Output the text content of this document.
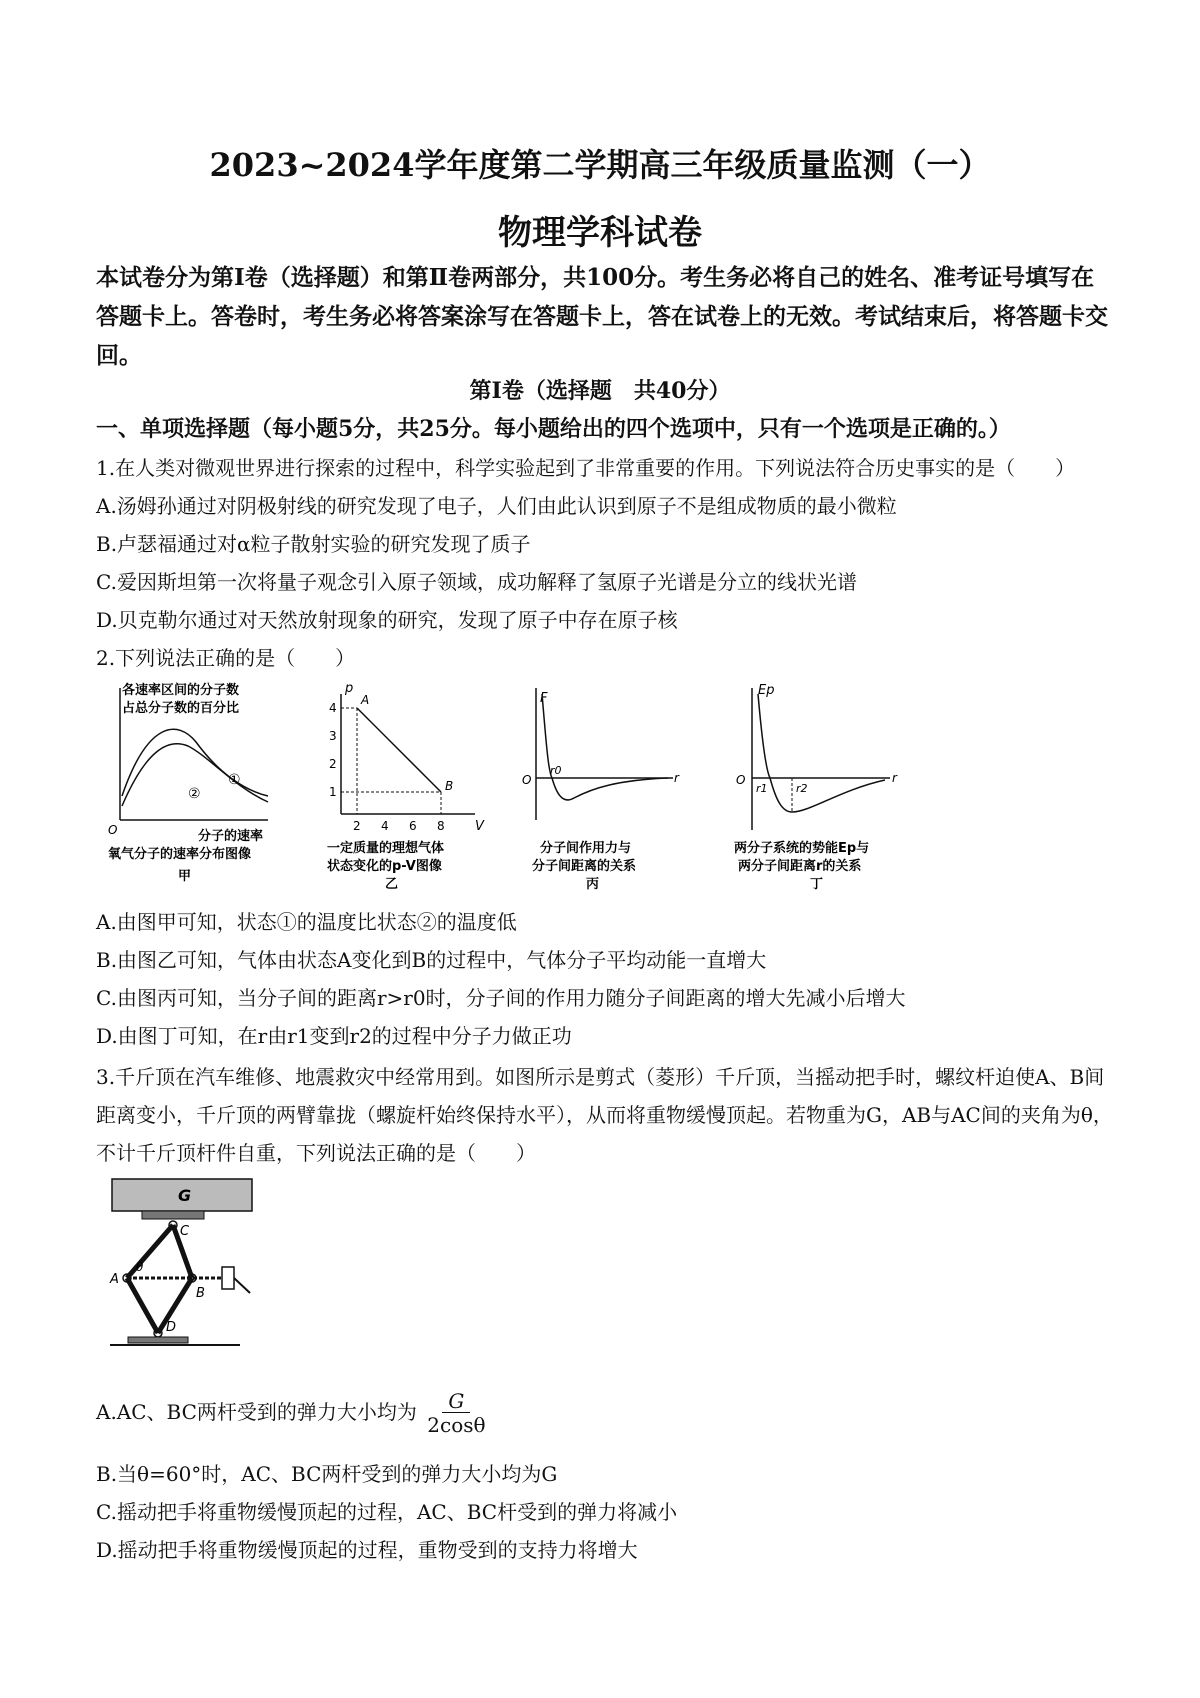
2023~2024学年度第二学期高三年级质量监测（一）
物理学科试卷
本试卷分为第Ⅰ卷（选择题）和第Ⅱ卷两部分，共100分。考生务必将自己的姓名、准考证号填写在答题卡上。答卷时，考生务必将答案涂写在答题卡上，答在试卷上的无效。考试结束后，将答题卡交回。
第Ⅰ卷（选择题　共40分）
一、单项选择题（每小题5分，共25分。每小题给出的四个选项中，只有一个选项是正确的。）
1.在人类对微观世界进行探索的过程中，科学实验起到了非常重要的作用。下列说法符合历史事实的是（　　）
A.汤姆孙通过对阴极射线的研究发现了电子，人们由此认识到原子不是组成物质的最小微粒
B.卢瑟福通过对α粒子散射实验的研究发现了质子
C.爱因斯坦第一次将量子观念引入原子领域，成功解释了氢原子光谱是分立的线状光谱
D.贝克勒尔通过对天然放射现象的研究，发现了原子中存在原子核
2.下列说法正确的是（　　）
各速率区间的分子数
占总分子数的百分比
①
②
O	分子的速率
氧气分子的速率分布图像
甲
p
V
4
3
2
1
2 4 6 8
A
B
一定质量的理想气体
状态变化的p-V图像
乙
F
r
O
r0
分子间作用力与
分子间距离的关系
丙
Ep
r
O
r1	r2
两分子系统的势能Ep与
两分子间距离r的关系
丁
A.由图甲可知，状态①的温度比状态②的温度低
B.由图乙可知，气体由状态A变化到B的过程中，气体分子平均动能一直增大
C.由图丙可知，当分子间的距离r>r0时，分子间的作用力随分子间距离的增大先减小后增大
D.由图丁可知，在r由r1变到r2的过程中分子力做正功
3.千斤顶在汽车维修、地震救灾中经常用到。如图所示是剪式（菱形）千斤顶，当摇动把手时，螺纹杆迫使A、B间距离变小，千斤顶的两臂靠拢（螺旋杆始终保持水平），从而将重物缓慢顶起。若物重为G，AB与AC间的夹角为θ，不计千斤顶杆件自重，下列说法正确的是（　　）
G
C
A
θ
B
D
A.AC、BC两杆受到的弹力大小均为 $\frac{G}{2\cos\theta}$
B.当θ=60°时，AC、BC两杆受到的弹力大小均为G
C.摇动把手将重物缓慢顶起的过程，AC、BC杆受到的弹力将减小
D.摇动把手将重物缓慢顶起的过程，重物受到的支持力将增大
